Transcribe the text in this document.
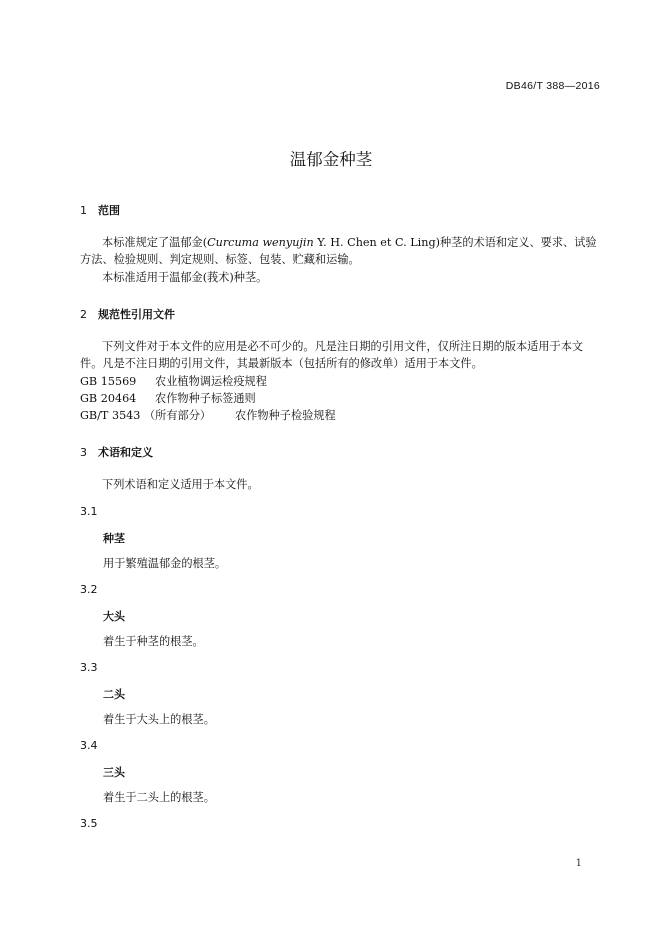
DB46/T 388—2016
温郁金种茎
1 范围
本标准规定了温郁金(Curcuma wenyujin Y. H. Chen et C. Ling)种茎的术语和定义、要求、试验方法、检验规则、判定规则、标签、包装、贮藏和运输。
本标准适用于温郁金(莪术)种茎。
2 规范性引用文件
下列文件对于本文件的应用是必不可少的。凡是注日期的引用文件，仅所注日期的版本适用于本文件。凡是不注日期的引用文件，其最新版本（包括所有的修改单）适用于本文件。
GB 15569 农业植物调运检疫规程
GB 20464 农作物种子标签通则
GB/T 3543 （所有部分） 农作物种子检验规程
3 术语和定义
下列术语和定义适用于本文件。
3.1
种茎
用于繁殖温郁金的根茎。
3.2
大头
着生于种茎的根茎。
3.3
二头
着生于大头上的根茎。
3.4
三头
着生于二头上的根茎。
3.5
1
